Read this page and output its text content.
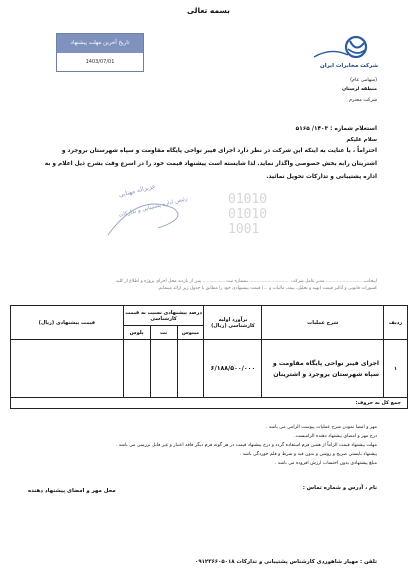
بسمه تعالی
تاریخ آخرین مهلت پیشنهاد
1403/07/01
شرکت مخابرات ایران
(سهامی عام)
منطقه لرستان
شرکت محترم
استعلام شماره : ۱۴۰۳/ ۵۱۶۵
سلام علیکم
احتراماً ، با عنایت به اینکه این شرکت در نظر دارد اجرای فیبر نواحی پایگاه مقاومت و سپاه شهرستان بروجرد و
اشترینان رابه بخش خصوصی واگذار نماید. لذا شایسته است پیشنهاد قیمت خود را در اسرع وقت بشرح ذیل اعلام و به
اداره پشتیبانی و تدارکات تحویل نمائید.
01010
01010
1001
عزیزاله مهتابی
رئیس اداره پشتیبانی و تدارکات
اینجانب .......................... مدیر عامل شرکت ............................. بشماره ثبت ................ پس از بازدید محل اجرای پروژه و اطلاع از کلیه
کسورات قانونی و آنالیز قیمت (تهیه و تحلیل، بیمه، مالیات و ...) قیمت پیشنهادی خود را مطابق با جدول زیر ارائه مینمایم.
ردیف	شرح عملیات	برآورد اولیه کارشناسی (ریال)	درصد پیشنهادی نسبت به قیمت کارشناسی			قیمت پیشنهادی (ریال)
			مینوس	نت	پلوس	
۱	اجرای فیبر نواحی پایگاه مقاومت و سپاه شهرستان بروجرد و اشترینان	۶/۱۸۸/۵۰۰/۰۰۰				
جمع کل به حروف:						
مهر و امضا نمودن شرح عملیات پیوست الزامی می باشد .
درج مهر و امضای پیشنهاد دهنده الزامیست.
مهلت پیشنهاد قیمت الزاماً از همین فرم استفاده گردد و درج پیشنهاد قیمت در هر گونه فرم دیگر فاقد اعتبار و غیر قابل بررسی می باشد .
پیشنهاد بایستی صریح و روشن و بدون قید و شرط و قلم خوردگی باشد .
مبلغ پیشنهادی بدون احتساب ارزش افزوده می باشد .
نام ، آدرس و شماره تماس :
محل مهر و امضای پیشنهاد دهنده
تلفن : مهیار شاهوردی کارشناس پشتیبانی و تدارکات ۰۹۱۲۳۶۶۰۵۰۱۸
